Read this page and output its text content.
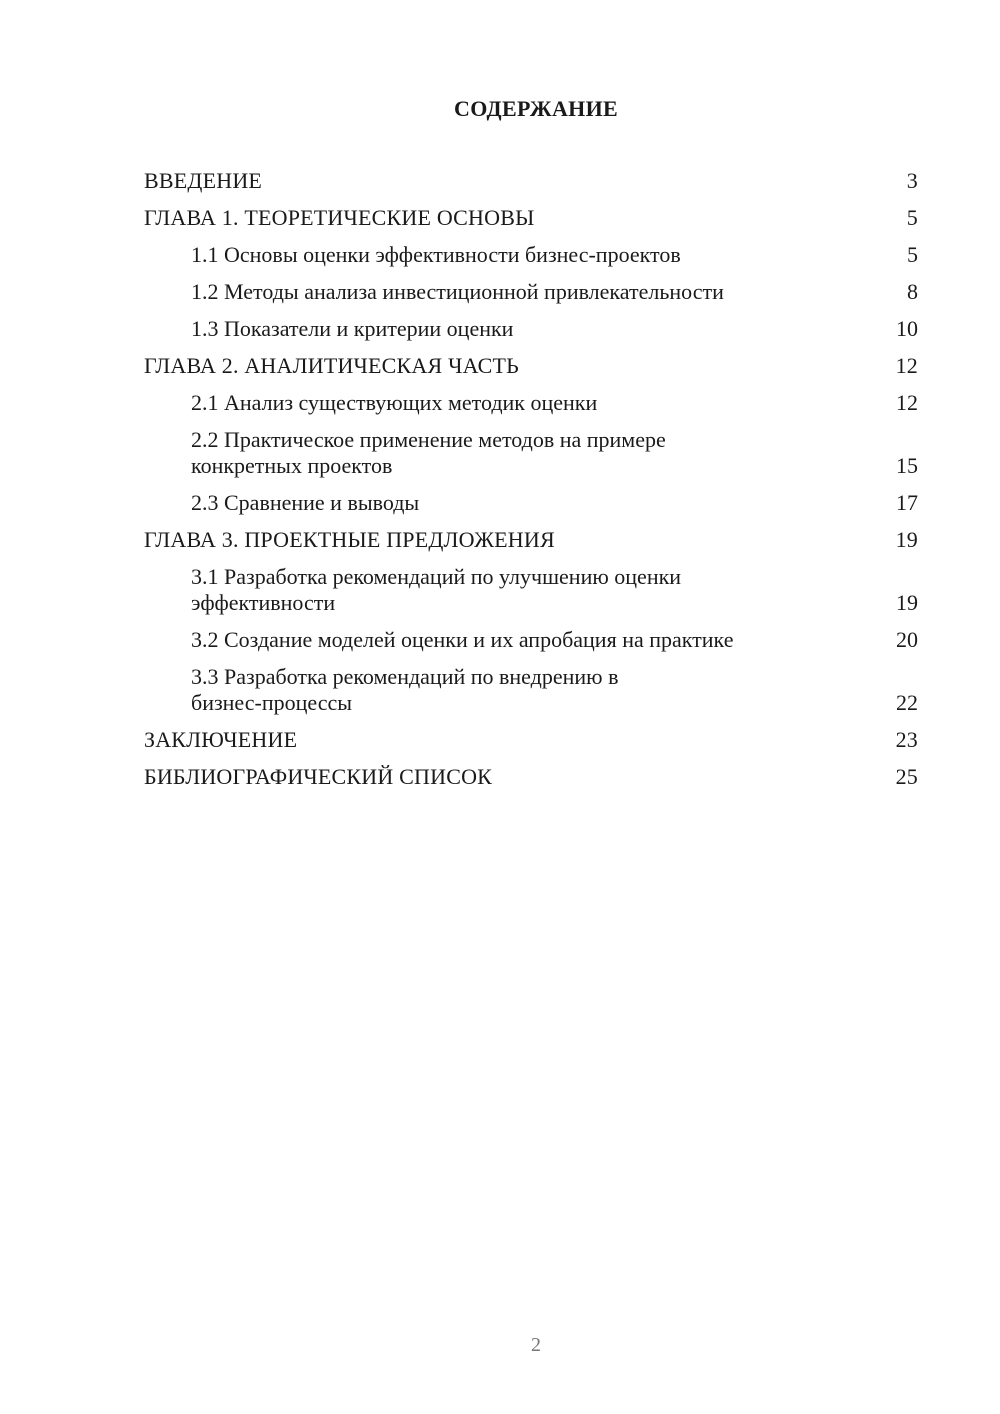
СОДЕРЖАНИЕ
ВВЕДЕНИЕ	3
ГЛАВА 1. ТЕОРЕТИЧЕСКИЕ ОСНОВЫ	5
1.1 Основы оценки эффективности бизнес-проектов	5
1.2 Методы анализа инвестиционной привлекательности	8
1.3 Показатели и критерии оценки	10
ГЛАВА 2. АНАЛИТИЧЕСКАЯ ЧАСТЬ	12
2.1 Анализ существующих методик оценки	12
2.2 Практическое применение методов на примере конкретных проектов	15
2.3 Сравнение и выводы	17
ГЛАВА 3. ПРОЕКТНЫЕ ПРЕДЛОЖЕНИЯ	19
3.1 Разработка рекомендаций по улучшению оценки эффективности	19
3.2 Создание моделей оценки и их апробация на практике	20
3.3 Разработка рекомендаций по внедрению в бизнес-процессы	22
ЗАКЛЮЧЕНИЕ	23
БИБЛИОГРАФИЧЕСКИЙ СПИСОК	25
2
